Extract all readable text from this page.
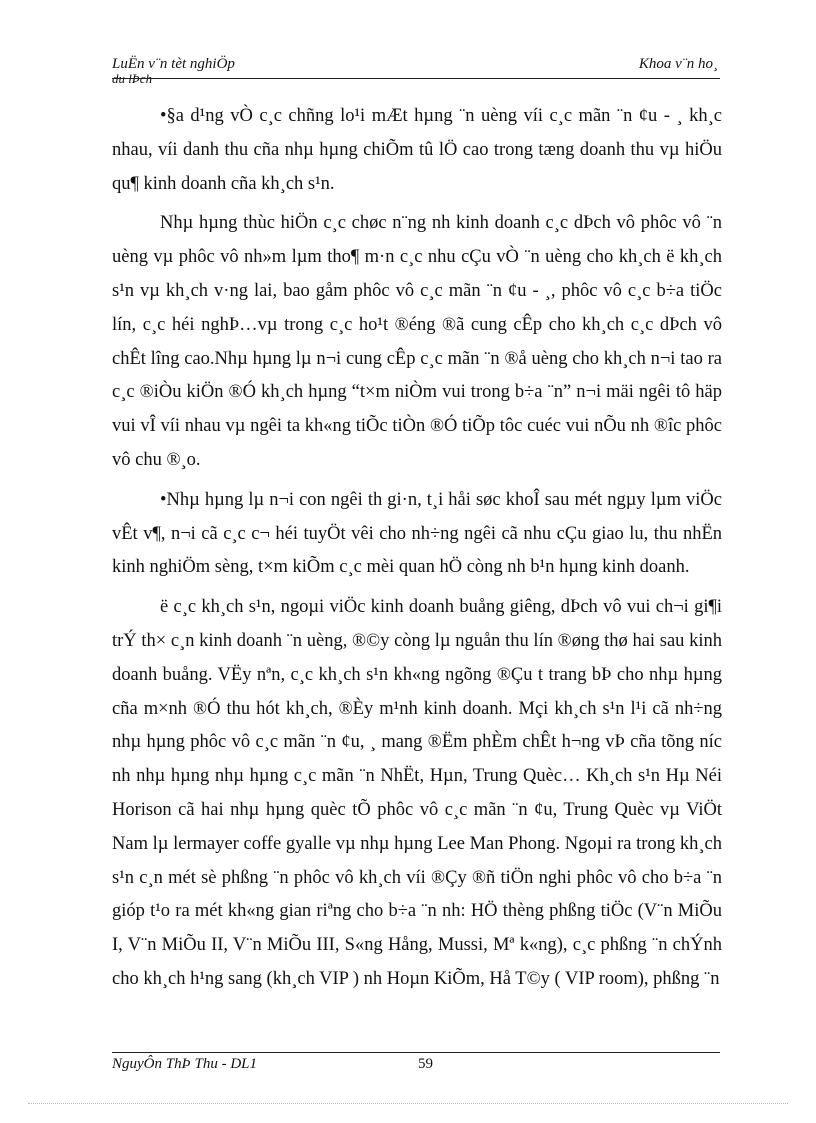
LuËn v¨n tèt nghiÖp	Khoa v¨n ho¸
du lÞch

•§a d¹ng vÒ c¸c chñng lo¹i mÆt hµng ¨n uèng víi c¸c mãn ¨n ¢u - ¸ kh¸c nhau, víi danh thu cña nhµ hµng chiÕm tû lÖ cao trong tæng doanh thu vµ hiÖu qu¶ kinh doanh cña kh¸ch s¹n.

Nhµ hµng thùc hiÖn c¸c chøc n¨ng nh kinh doanh c¸c dÞch vô phôc vô ¨n uèng vµ phôc vô nh»m lµm tho¶ m·n c¸c nhu cÇu vÒ ¨n uèng cho kh¸ch ë kh¸ch s¹n vµ kh¸ch v·ng lai, bao gåm phôc vô c¸c mãn ¨n ¢u - ¸, phôc vô c¸c b÷a tiÖc lín, c¸c héi nghÞ…vµ trong c¸c ho¹t ®éng ®ã cung cÊp cho kh¸ch c¸c dÞch vô chÊt lîng cao.Nhµ hµng lµ n¬i cung cÊp c¸c mãn ¨n ®å uèng cho kh¸ch n¬i tao ra c¸c ®iÒu kiÖn ®Ó kh¸ch hµng “t×m niÒm vui trong b÷a ¨n” n¬i mäi ngêi tô häp vui vÎ víi nhau vµ ngêi ta kh«ng tiÕc tiÒn ®Ó tiÕp tôc cuéc vui nÕu nh ®îc phôc vô chu ®¸o.

•Nhµ hµng lµ n¬i con ngêi th gi·n, t¸i håi søc khoÎ sau mét ngµy lµm viÖc vÊt v¶, n¬i cã c¸c c¬ héi tuyÖt vêi cho nh÷ng ngêi cã nhu cÇu giao lu, thu nhËn kinh nghiÖm sèng, t×m kiÕm c¸c mèi quan hÖ còng nh b¹n hµng kinh doanh.

ë c¸c kh¸ch s¹n, ngoµi viÖc kinh doanh buång giêng, dÞch vô vui ch¬i gi¶i trÝ th× c¸n kinh doanh ¨n uèng, ®©y còng lµ nguån thu lín ®øng thø hai sau kinh doanh buång. VËy nªn, c¸c kh¸ch s¹n kh«ng ngõng ®Çu t trang bÞ cho nhµ hµng cña m×nh ®Ó thu hót kh¸ch, ®Èy m¹nh kinh doanh. Mçi kh¸ch s¹n l¹i cã nh÷ng nhµ hµng phôc vô c¸c mãn ¨n ¢u, ¸ mang ®Ëm phÈm chÊt h¬ng vÞ cña tõng níc nh nhµ hµng nhµ hµng c¸c mãn ¨n NhËt, Hµn, Trung Quèc… Kh¸ch s¹n Hµ Néi Horison cã hai nhµ hµng quèc tÕ phôc vô c¸c mãn ¨n ¢u, Trung Quèc vµ ViÖt Nam lµ lermayer coffe gyalle vµ nhµ hµng Lee Man Phong. Ngoµi ra trong kh¸ch s¹n c¸n mét sè phßng ¨n phôc vô kh¸ch víi ®Çy ®ñ tiÖn nghi phôc vô cho b÷a ¨n gióp t¹o ra mét kh«ng gian riªng cho b÷a ¨n nh: HÖ thèng phßng tiÖc (V¨n MiÕu I, V¨n MiÕu II, V¨n MiÕu III, S«ng Hång, Mussi, Mª k«ng), c¸c phßng ¨n chÝnh cho kh¸ch h¹ng sang (kh¸ch VIP ) nh Hoµn KiÕm, Hå T©y ( VIP room), phßng ¨n

NguyÔn ThÞ Thu - DL1	59
